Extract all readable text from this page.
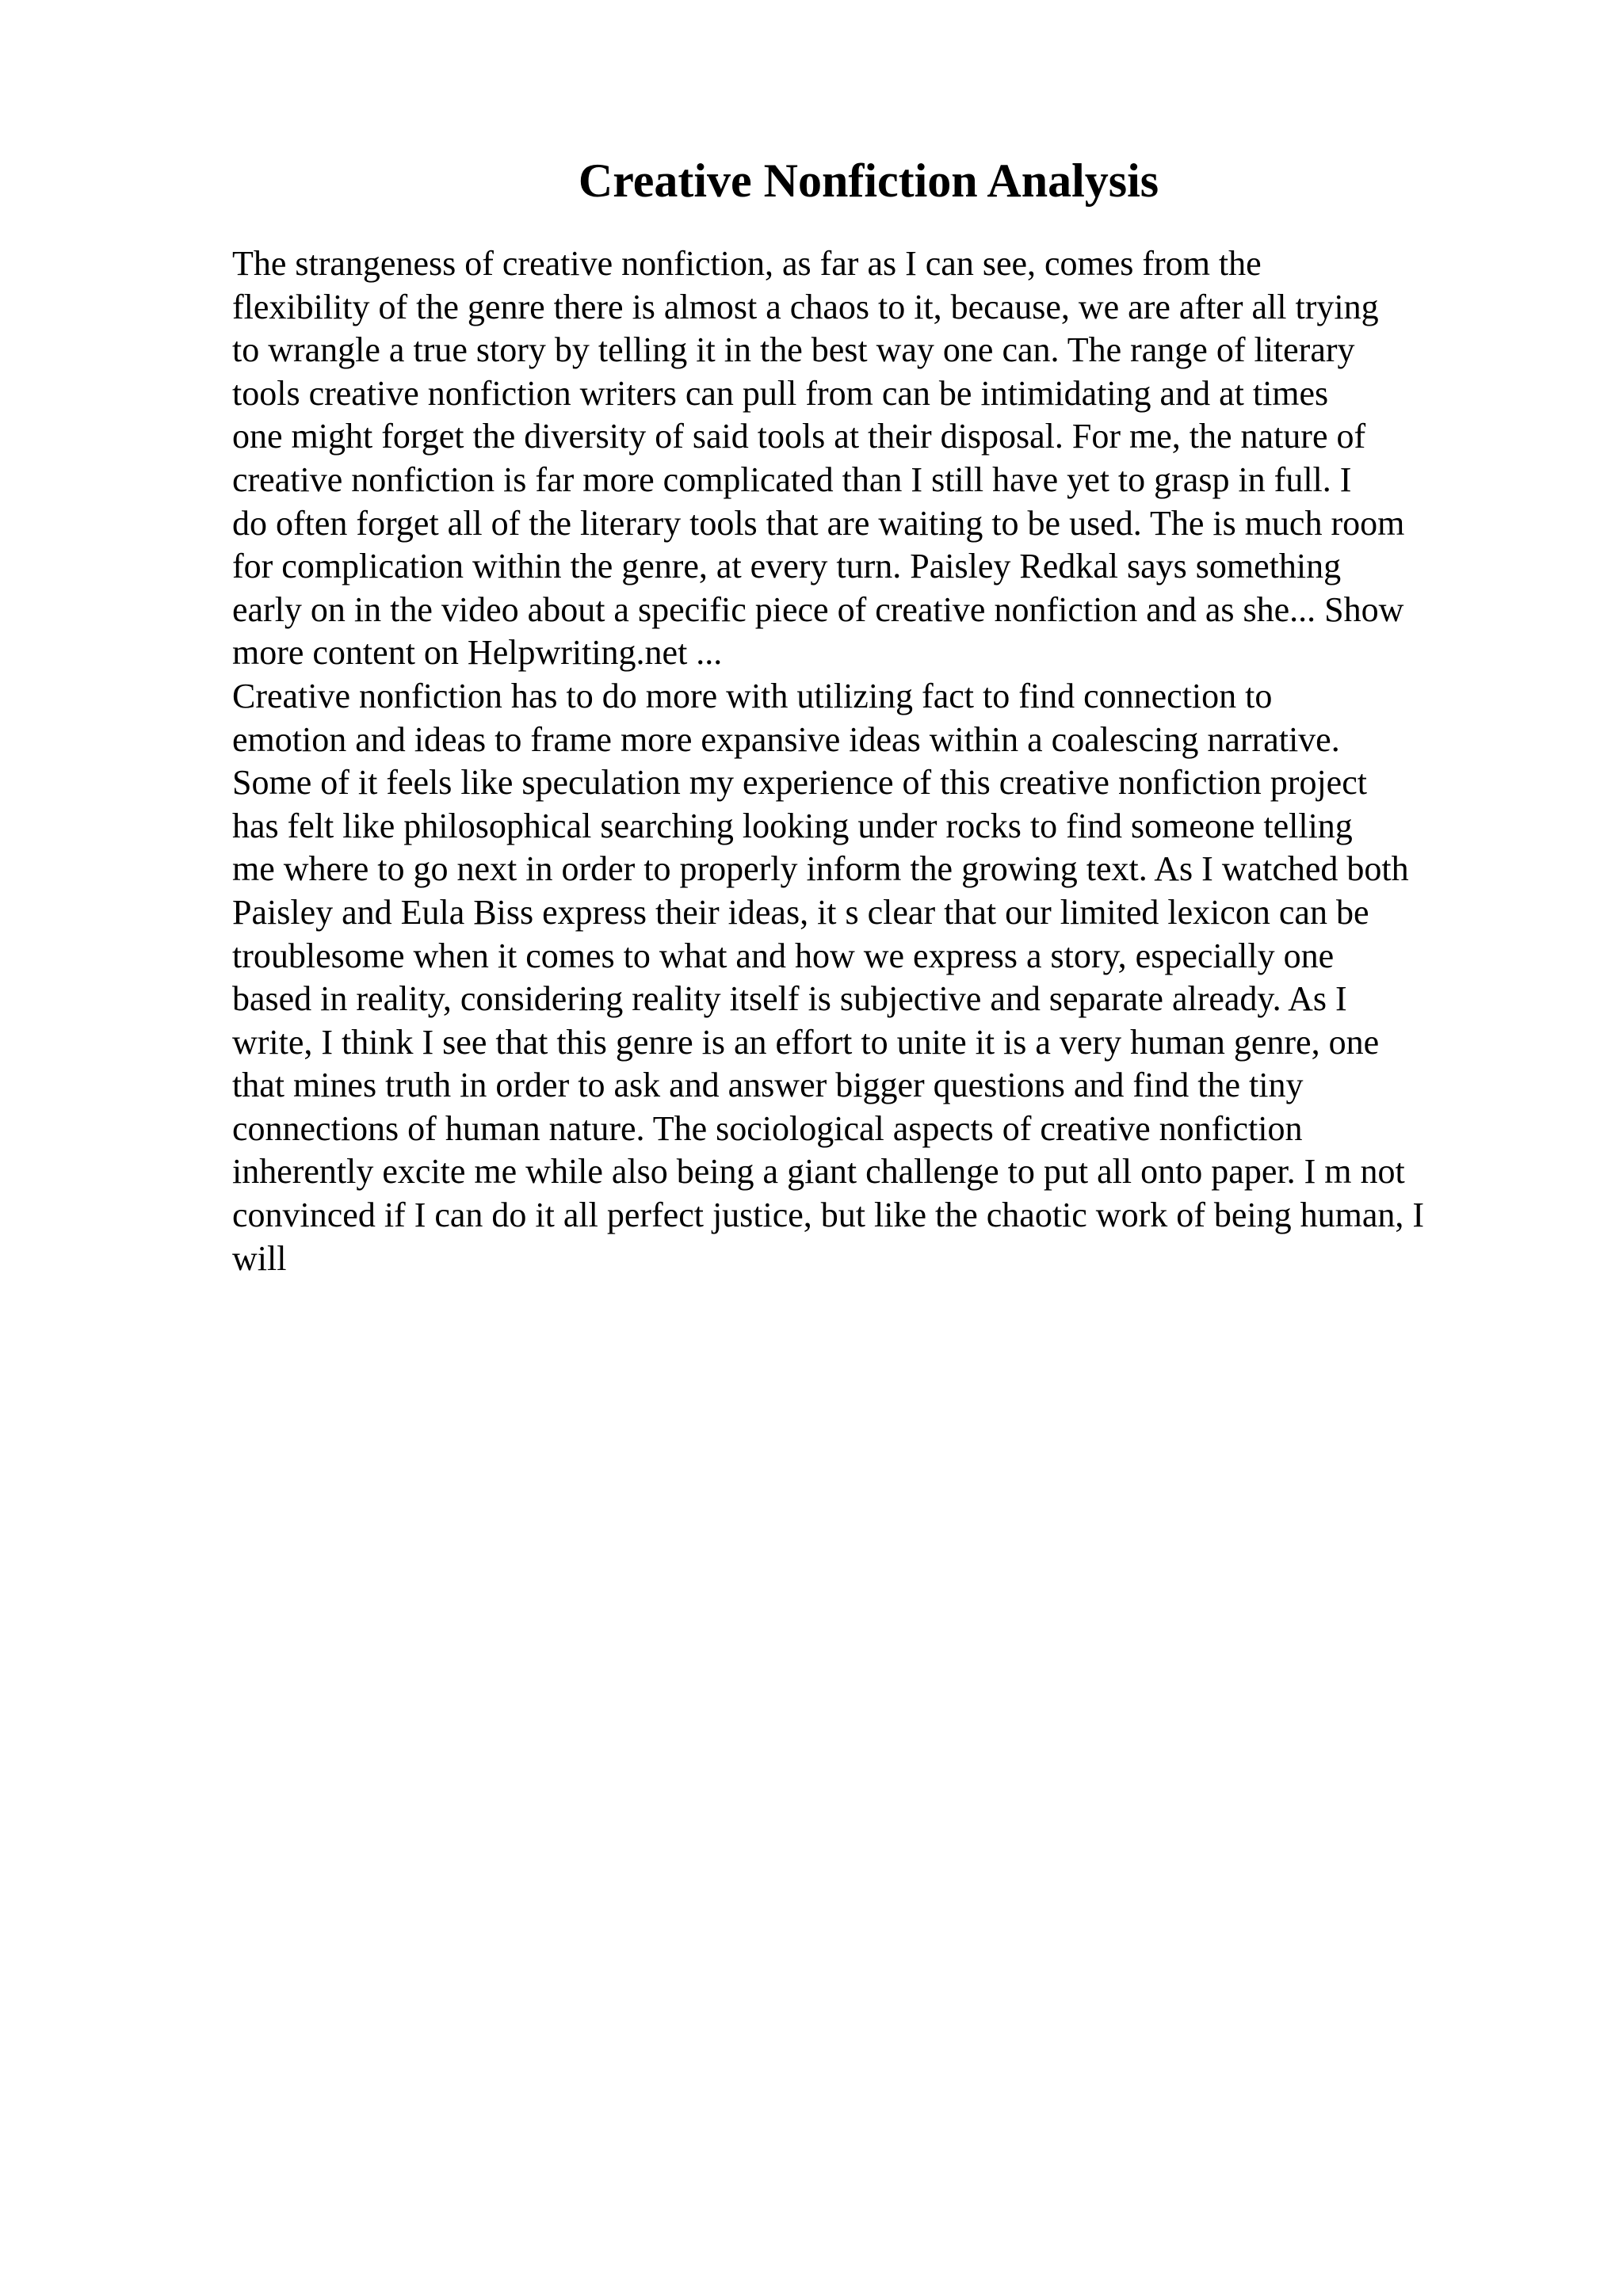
Creative Nonfiction Analysis
The strangeness of creative nonfiction, as far as I can see, comes from the
flexibility of the genre there is almost a chaos to it, because, we are after all trying
to wrangle a true story by telling it in the best way one can. The range of literary
tools creative nonfiction writers can pull from can be intimidating and at times
one might forget the diversity of said tools at their disposal. For me, the nature of
creative nonfiction is far more complicated than I still have yet to grasp in full. I
do often forget all of the literary tools that are waiting to be used. The is much room
for complication within the genre, at every turn. Paisley Redkal says something
early on in the video about a specific piece of creative nonfiction and as she... Show
more content on Helpwriting.net ...
Creative nonfiction has to do more with utilizing fact to find connection to
emotion and ideas to frame more expansive ideas within a coalescing narrative.
Some of it feels like speculation my experience of this creative nonfiction project
has felt like philosophical searching looking under rocks to find someone telling
me where to go next in order to properly inform the growing text. As I watched both
Paisley and Eula Biss express their ideas, it s clear that our limited lexicon can be
troublesome when it comes to what and how we express a story, especially one
based in reality, considering reality itself is subjective and separate already. As I
write, I think I see that this genre is an effort to unite it is a very human genre, one
that mines truth in order to ask and answer bigger questions and find the tiny
connections of human nature. The sociological aspects of creative nonfiction
inherently excite me while also being a giant challenge to put all onto paper. I m not
convinced if I can do it all perfect justice, but like the chaotic work of being human, I
will
